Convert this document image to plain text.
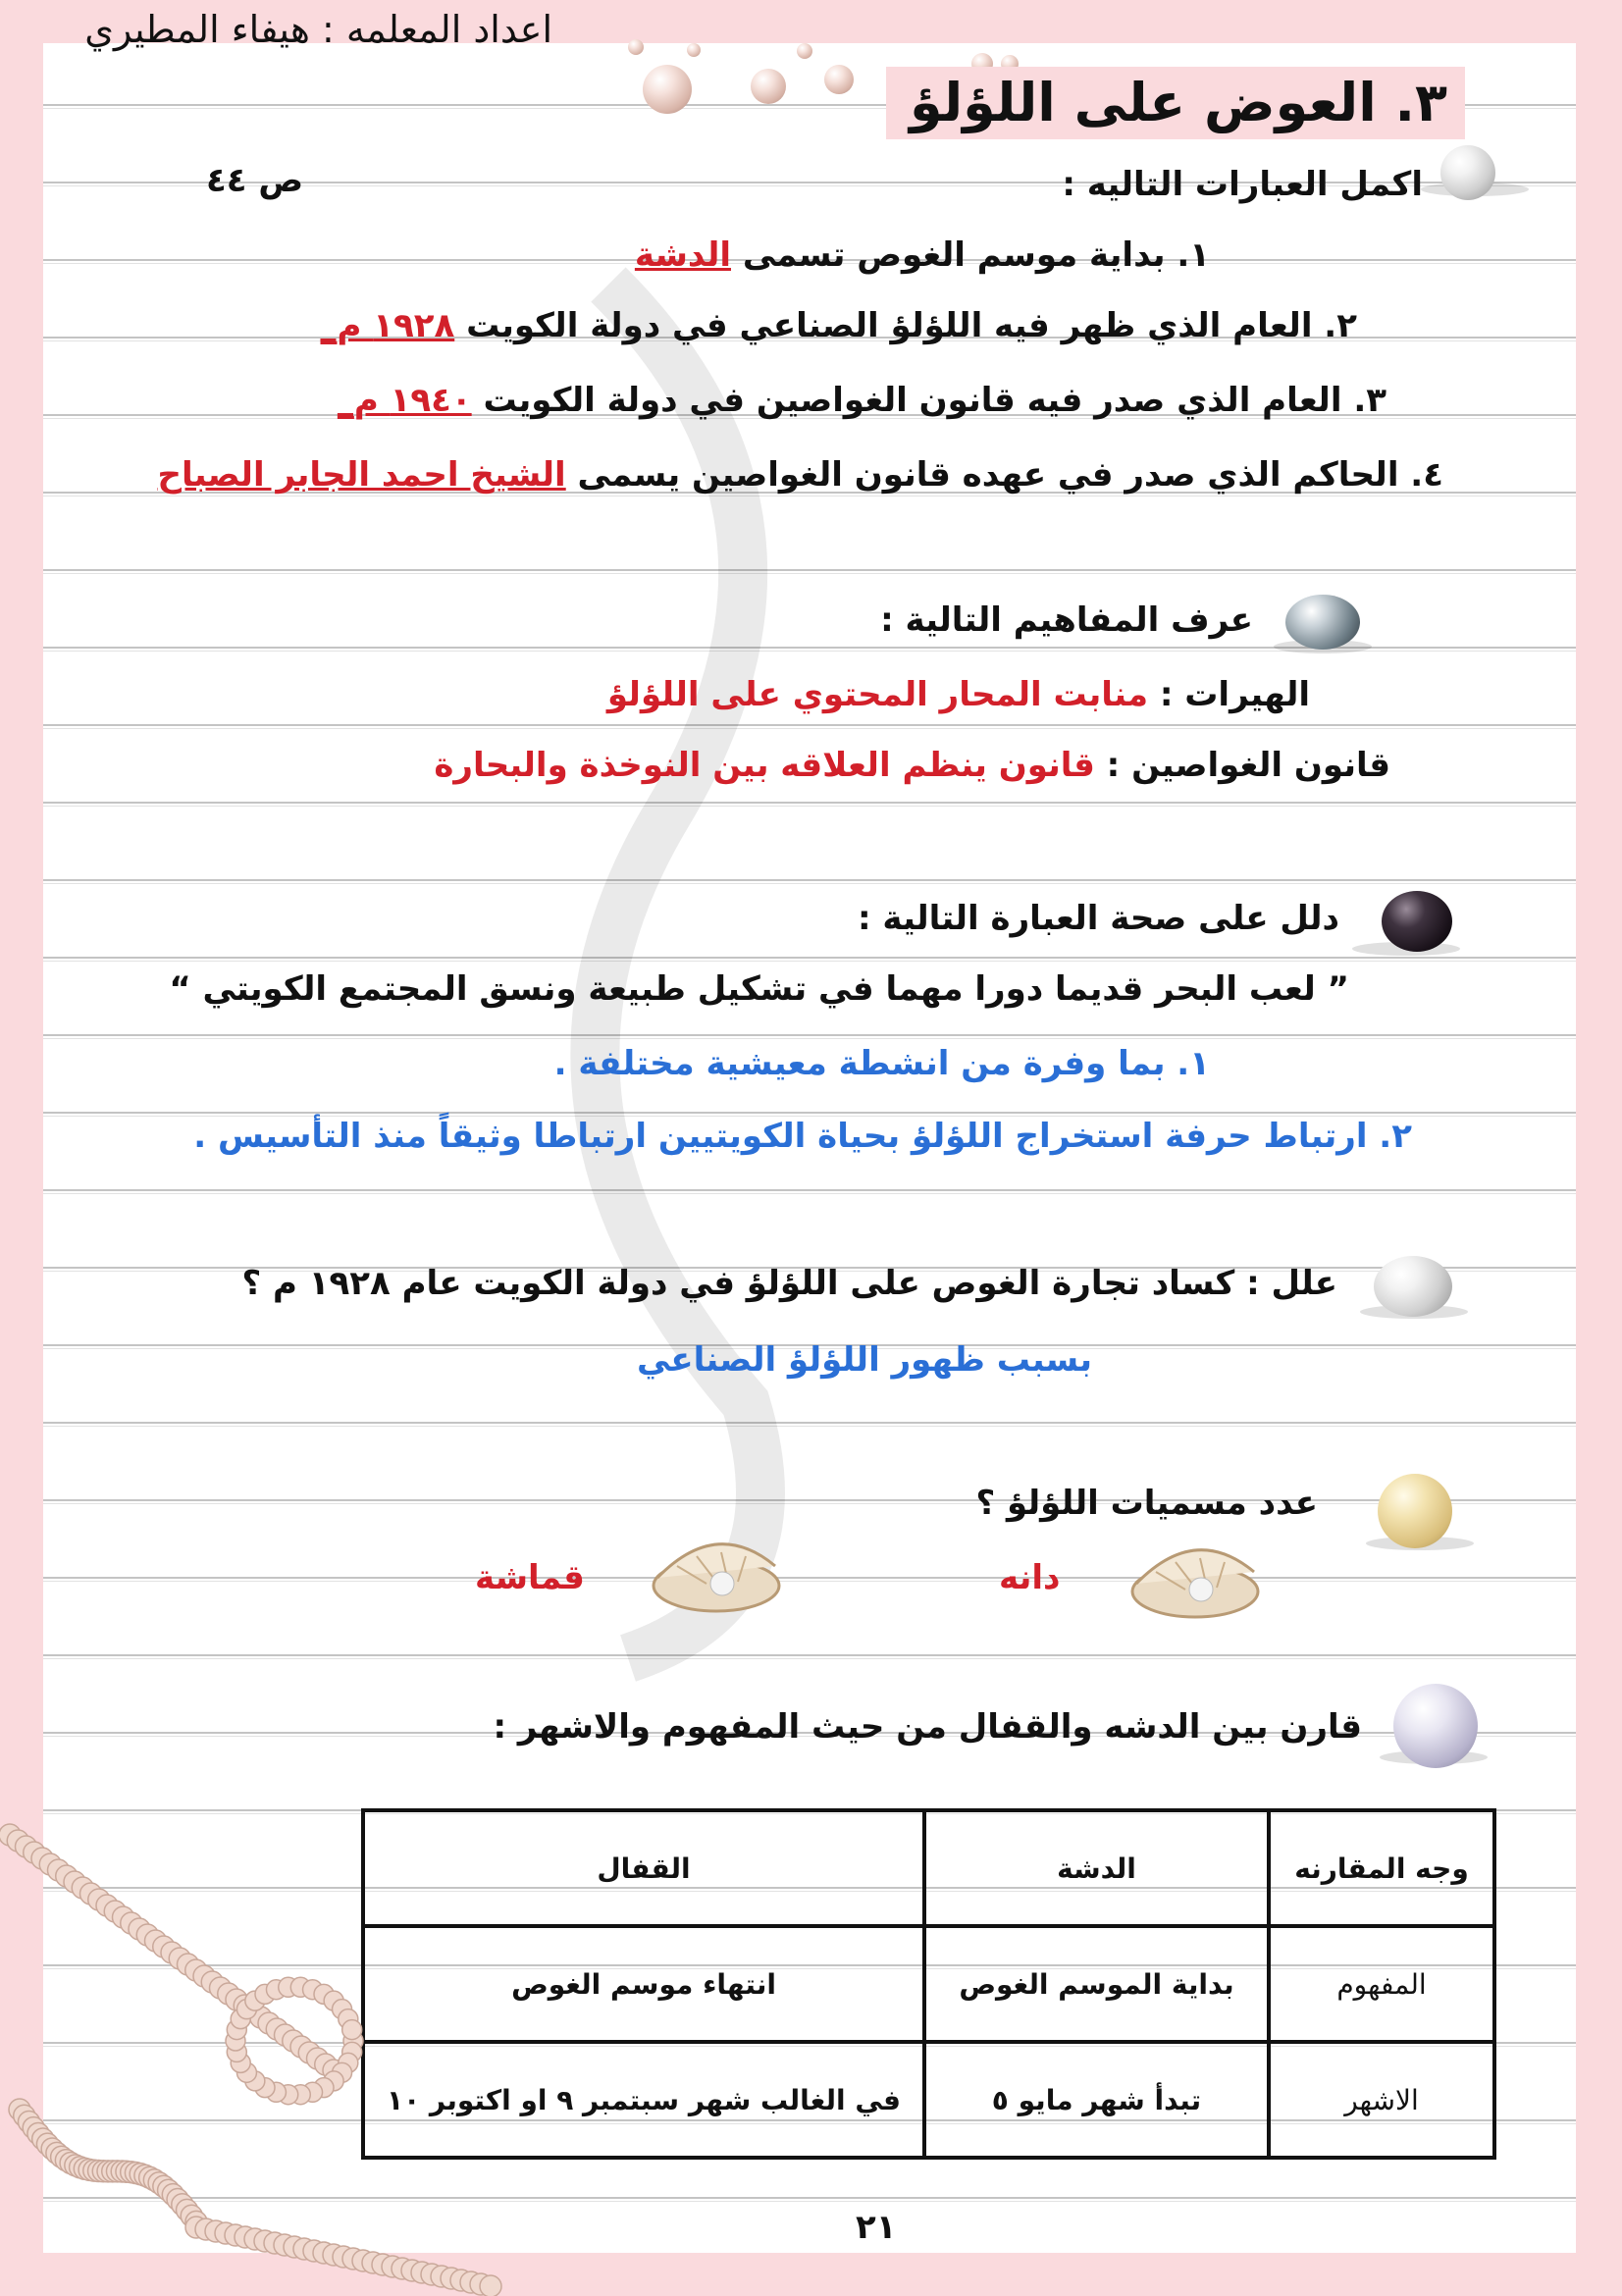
اعداد المعلمه : هيفاء المطيري
٣. العوض على اللؤلؤ
اكمل العبارات التاليه :
ص ٤٤
١. بداية موسم الغوص تسمى الدشة
٢. العام الذي ظهر فيه اللؤلؤ الصناعي في دولة الكويت ١٩٢٨ م_
٣. العام الذي صدر فيه قانون الغواصين في دولة الكويت ١٩٤٠ م_
٤. الحاكم الذي صدر في عهده قانون الغواصين يسمى الشيخ احمد الجابر الصباح
عرف المفاهيم التالية :
الهيرات : منابت المحار المحتوي على اللؤلؤ
قانون الغواصين : قانون ينظم العلاقه بين النوخذة والبحارة
دلل على صحة العبارة التالية :
” لعب البحر قديما دورا مهما في تشكيل طبيعة ونسق المجتمع الكويتي “
١. بما وفرة من انشطة معيشية مختلفة .
٢. ارتباط حرفة استخراج اللؤلؤ بحياة الكويتيين ارتباطا وثيقاً منذ التأسيس .
علل : كساد تجارة الغوص على اللؤلؤ في دولة الكويت عام ١٩٢٨ م ؟
بسبب ظهور اللؤلؤ الصناعي
عدد مسميات اللؤلؤ ؟
دانه
قماشة
قارن بين الدشه والقفال من حيث المفهوم والاشهر :
وجه المقارنه	الدشة	القفال
المفهوم	بداية الموسم الغوص	انتهاء موسم الغوص
الاشهر	تبدأ شهر مايو ٥	في الغالب شهر سبتمبر ٩ او اكتوبر ١٠
٢١
